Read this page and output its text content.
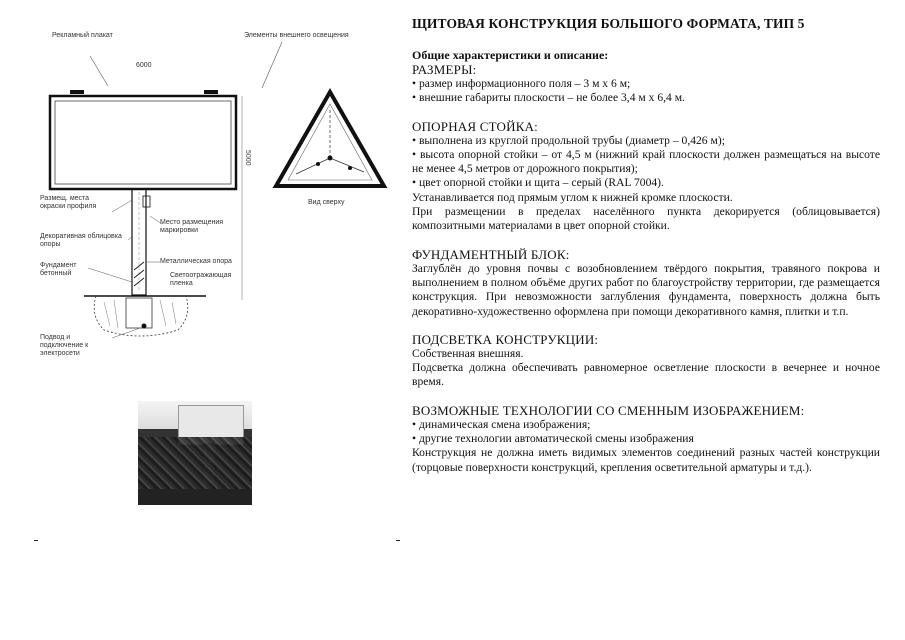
Рекламный плакат	Элементы внешнего освещения
6000
Вид сверху
Размещ. места окраски профиля
Декоративная облицовка опоры
Место размещения маркировки
Металлическая опора
Фундамент бетонный	Светоотражающая пленка
Подвод и подключение к электросети
5000
ЩИТОВАЯ КОНСТРУКЦИЯ БОЛЬШОГО ФОРМАТА, ТИП 5

Общие характеристики и описание:

РАЗМЕРЫ:

• размер информационного поля – 3 м х 6 м;

• внешние габариты плоскости – не более 3,4 м х 6,4 м.

ОПОРНАЯ СТОЙКА:

• выполнена из круглой продольной трубы (диаметр – 0,426 м);

• высота опорной стойки – от 4,5 м (нижний край плоскости должен размещаться на высоте не менее 4,5 метров от дорожного покрытия);

• цвет опорной стойки и щита – серый (RAL 7004).

Устанавливается под прямым углом к нижней кромке плоскости.

При размещении в пределах населённого пункта декорируется (облицовывается) композитными материалами в цвет опорной стойки.

ФУНДАМЕНТНЫЙ БЛОК:

Заглублён до уровня почвы с возобновлением твёрдого покрытия, травяного покрова и выполнением в полном объёме других работ по благоустройству территории, где размещается конструкция. При невозможности заглубления фундамента, поверхность должна быть декоративно-художественно оформлена при помощи декоративного камня, плитки и т.п.

ПОДСВЕТКА КОНСТРУКЦИИ:

Собственная внешняя.

Подсветка должна обеспечивать равномерное осветление плоскости в вечернее и ночное время.

ВОЗМОЖНЫЕ ТЕХНОЛОГИИ СО СМЕННЫМ ИЗОБРАЖЕНИЕМ:

• динамическая смена изображения;

• другие технологии автоматической смены изображения

Конструкция не должна иметь видимых элементов соединений разных частей конструкции (торцовые поверхности конструкций, крепления осветительной арматуры и т.д.).
